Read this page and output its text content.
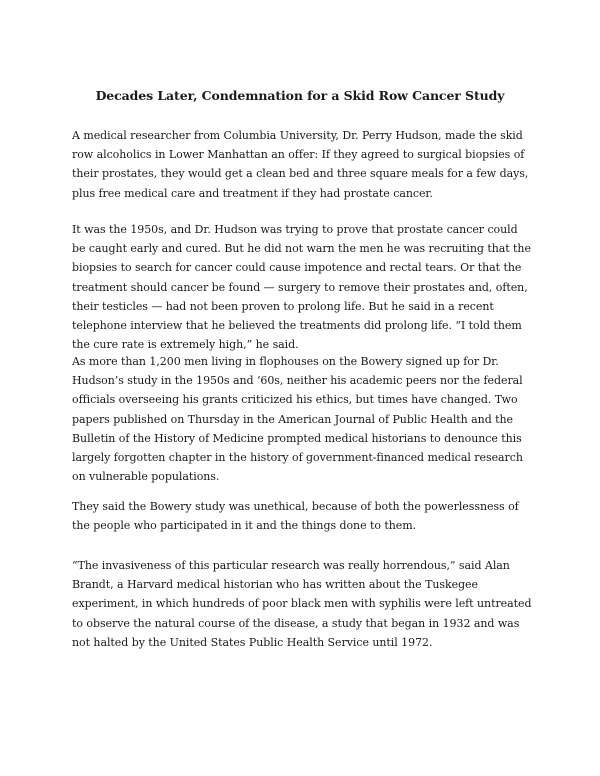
Decades Later, Condemnation for a Skid Row Cancer Study

A medical researcher from Columbia University, Dr. Perry Hudson, made the skid row alcoholics in Lower Manhattan an offer: If they agreed to surgical biopsies of their prostates, they would get a clean bed and three square meals for a few days, plus free medical care and treatment if they had prostate cancer.

It was the 1950s, and Dr. Hudson was trying to prove that prostate cancer could be caught early and cured. But he did not warn the men he was recruiting that the biopsies to search for cancer could cause impotence and rectal tears. Or that the treatment should cancer be found — surgery to remove their prostates and, often, their testicles — had not been proven to prolong life. But he said in a recent telephone interview that he believed the treatments did prolong life. “I told them the cure rate is extremely high,” he said.

As more than 1,200 men living in flophouses on the Bowery signed up for Dr. Hudson’s study in the 1950s and ‘60s, neither his academic peers nor the federal officials overseeing his grants criticized his ethics, but times have changed. Two papers published on Thursday in the American Journal of Public Health and the Bulletin of the History of Medicine prompted medical historians to denounce this largely forgotten chapter in the history of government-financed medical research on vulnerable populations.

They said the Bowery study was unethical, because of both the powerlessness of the people who participated in it and the things done to them.

“The invasiveness of this particular research was really horrendous,” said Alan Brandt, a Harvard medical historian who has written about the Tuskegee experiment, in which hundreds of poor black men with syphilis were left untreated to observe the natural course of the disease, a study that began in 1932 and was not halted by the United States Public Health Service until 1972.
